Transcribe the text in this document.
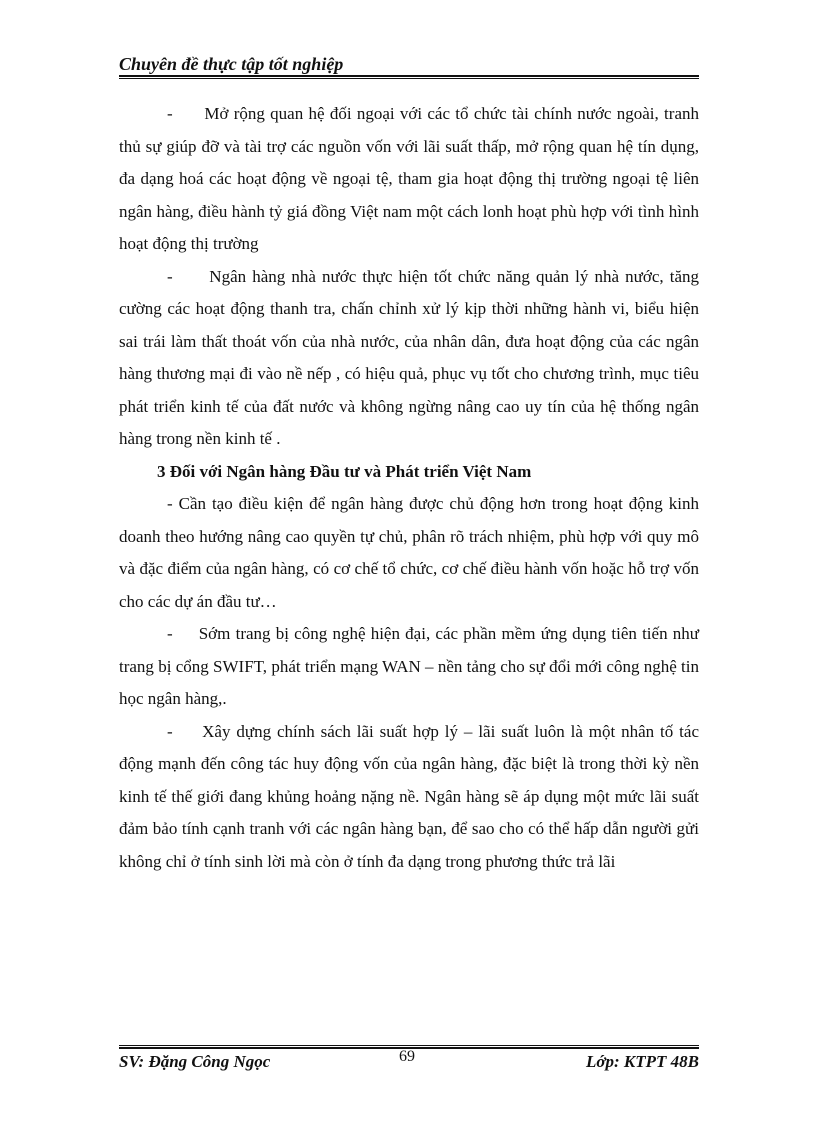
Chuyên đề thực tập tốt nghiệp

-      Mở rộng quan hệ đối ngoại với các tổ chức tài chính nước ngoài, tranh thủ sự giúp đỡ và tài trợ các nguồn vốn với lãi suất thấp, mở rộng quan hệ tín dụng, đa dạng hoá các hoạt động về ngoại tệ, tham gia hoạt động thị trường ngoại tệ liên ngân hàng, điều hành tỷ giá đồng Việt nam một cách lonh hoạt phù hợp với tình hình hoạt động thị trường

-      Ngân hàng nhà nước thực hiện tốt chức năng quản lý nhà nước, tăng cường các hoạt động thanh tra, chấn chỉnh xử lý kịp thời những hành vi, biểu hiện sai trái làm thất thoát vốn của nhà nước, của nhân dân, đưa hoạt động của các ngân hàng thương mại đi vào nề nếp , có hiệu quả, phục vụ tốt cho chương trình, mục tiêu phát triển kinh tế của đất nước và không ngừng nâng cao uy tín của hệ thống ngân hàng trong nền kinh tế .

3 Đối với Ngân hàng Đầu tư và Phát triển Việt Nam

- Cần tạo điều kiện để ngân hàng được chủ động hơn trong hoạt động kinh doanh theo hướng nâng cao quyền tự chủ, phân rõ trách nhiệm, phù hợp với quy mô và đặc điểm của ngân hàng, có cơ chế tổ chức, cơ chế điều hành vốn hoặc hỗ trợ vốn cho các dự án đầu tư…

-     Sớm trang bị công nghệ hiện đại, các phần mềm ứng dụng tiên tiến như trang bị cổng SWIFT, phát triển mạng WAN – nền tảng cho sự đổi mới công nghệ tin học ngân hàng,.

-     Xây dựng chính sách lãi suất hợp lý – lãi suất luôn là một nhân tố tác động mạnh đến công tác huy động vốn của ngân hàng, đặc biệt là trong thời kỳ nền kinh tế thế giới đang khủng hoảng nặng nề. Ngân hàng sẽ áp dụng một mức lãi suất đảm bảo tính cạnh tranh với các ngân hàng bạn, để sao cho có thể hấp dẫn người gửi không chỉ ở tính sinh lời mà còn ở tính đa dạng trong phương thức trả lãi

SV: Đặng Công Ngọc	69	Lớp: KTPT 48B
